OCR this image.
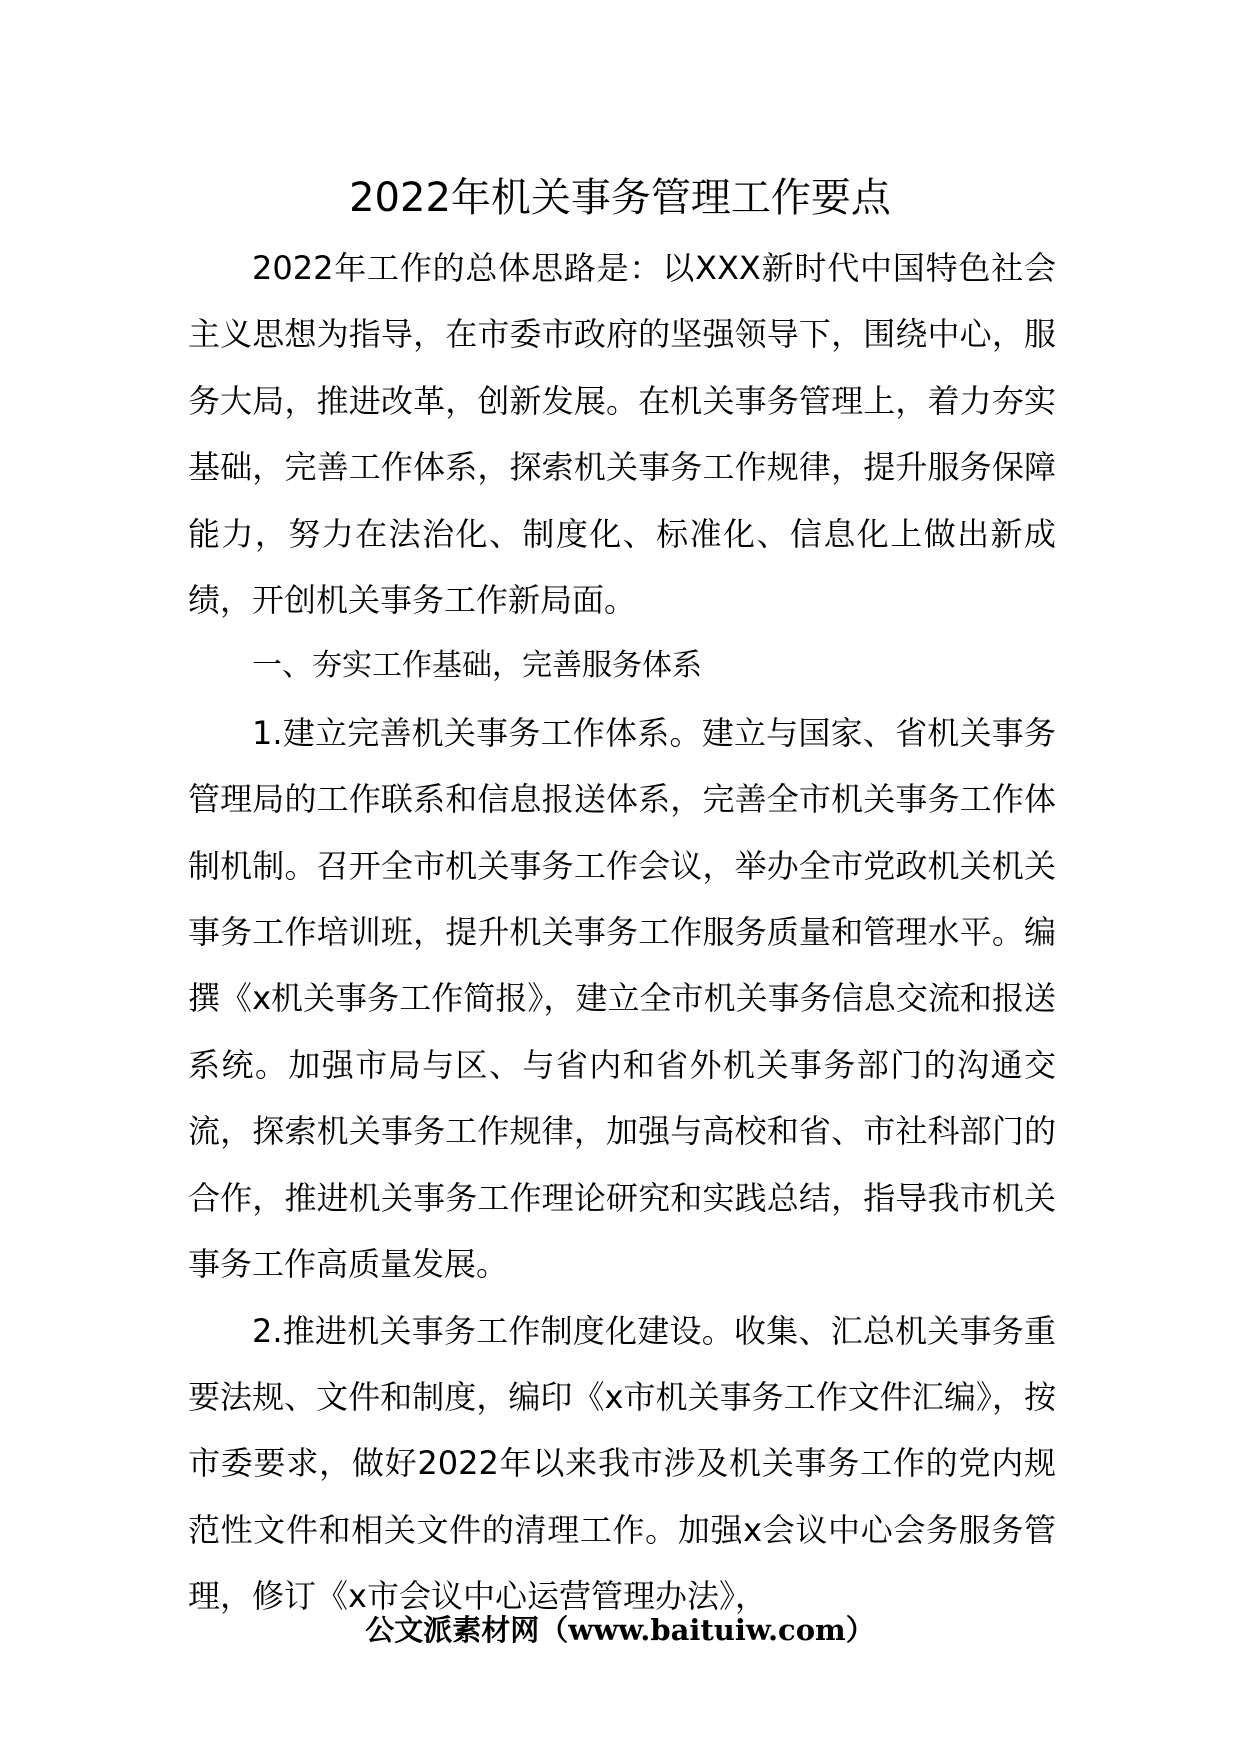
2022年机关事务管理工作要点

2022年工作的总体思路是：以XXX新时代中国特色社会主义思想为指导，在市委市政府的坚强领导下，围绕中心，服务大局，推进改革，创新发展。在机关事务管理上，着力夯实基础，完善工作体系，探索机关事务工作规律，提升服务保障能力，努力在法治化、制度化、标准化、信息化上做出新成绩，开创机关事务工作新局面。

一、夯实工作基础，完善服务体系

1.建立完善机关事务工作体系。建立与国家、省机关事务管理局的工作联系和信息报送体系，完善全市机关事务工作体制机制。召开全市机关事务工作会议，举办全市党政机关机关事务工作培训班，提升机关事务工作服务质量和管理水平。编撰《x机关事务工作简报》，建立全市机关事务信息交流和报送系统。加强市局与区、与省内和省外机关事务部门的沟通交流，探索机关事务工作规律，加强与高校和省、市社科部门的合作，推进机关事务工作理论研究和实践总结，指导我市机关事务工作高质量发展。

2.推进机关事务工作制度化建设。收集、汇总机关事务重要法规、文件和制度，编印《x市机关事务工作文件汇编》，按市委要求，做好2022年以来我市涉及机关事务工作的党内规范性文件和相关文件的清理工作。加强x会议中心会务服务管理，修订《x市会议中心运营管理办法》，

公文派素材网（www.baituiw.com）
